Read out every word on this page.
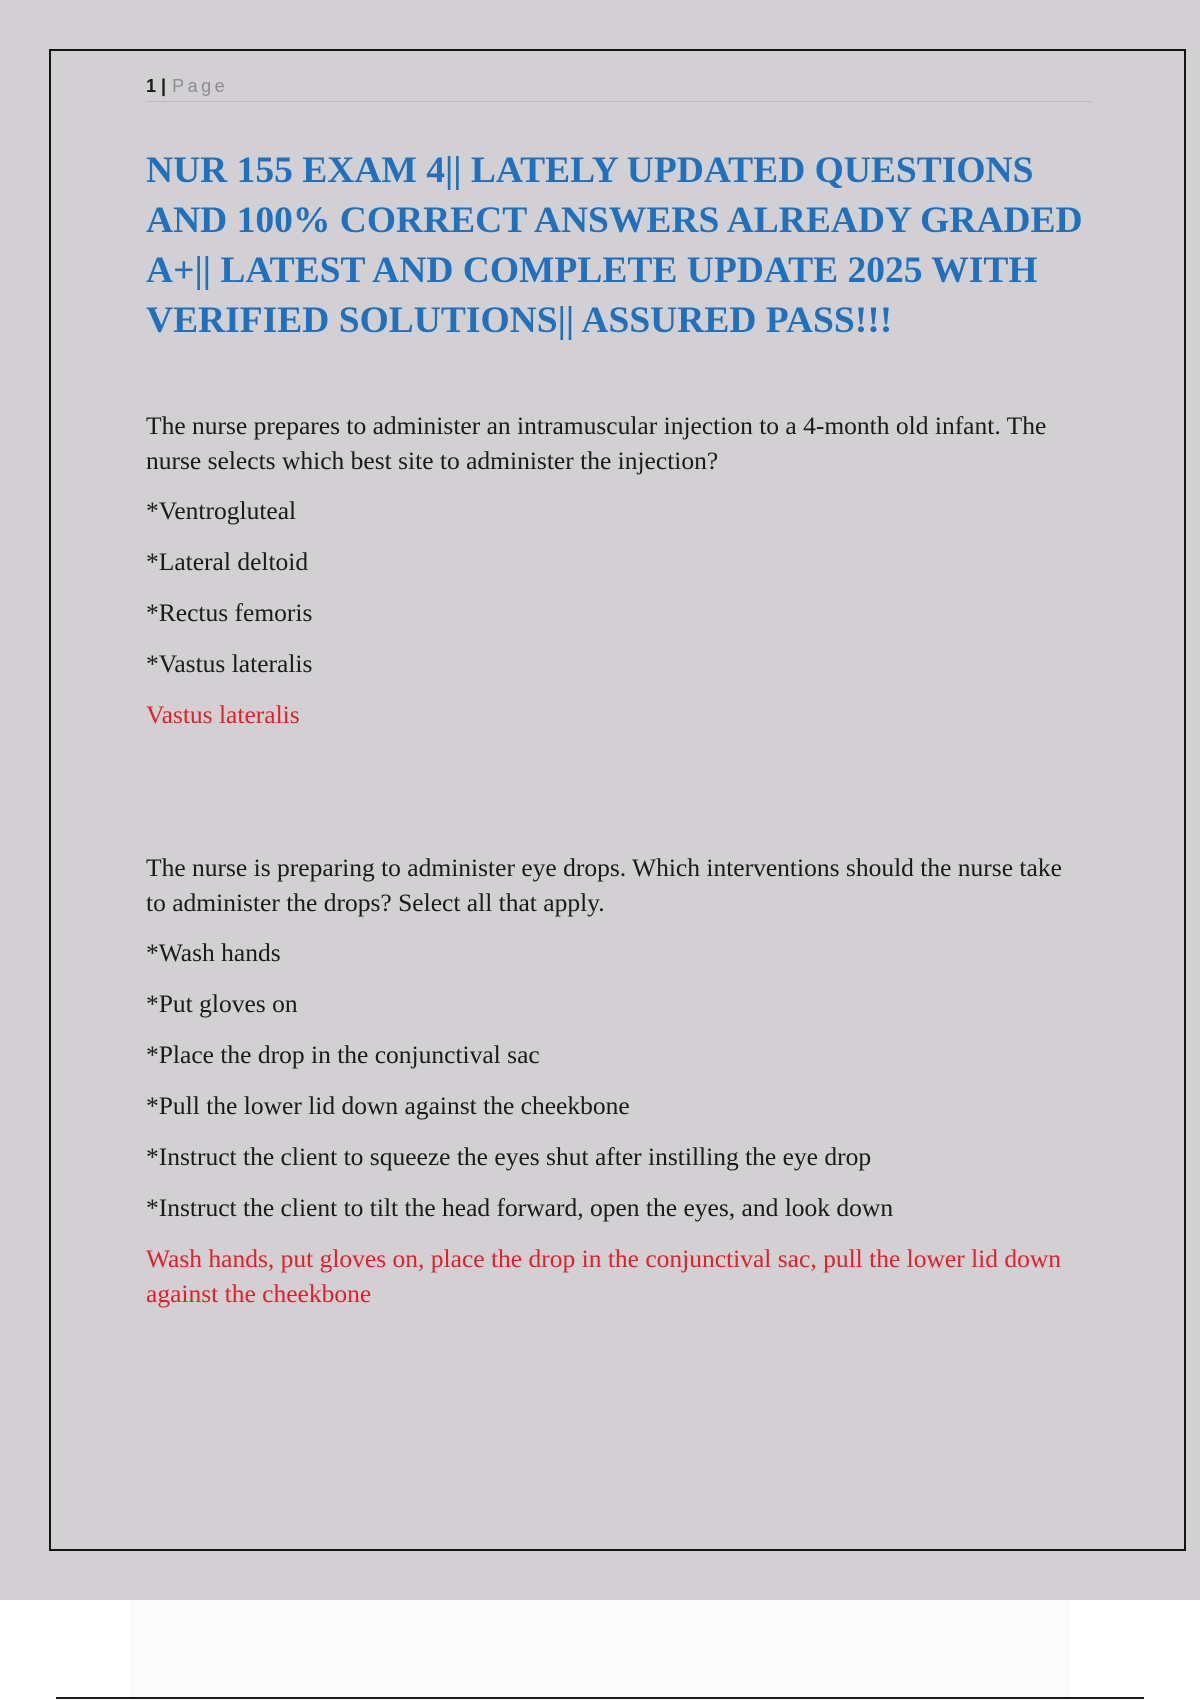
1 | Page
NUR 155 EXAM 4|| LATELY UPDATED QUESTIONS AND 100% CORRECT ANSWERS ALREADY GRADED A+|| LATEST AND COMPLETE UPDATE 2025 WITH VERIFIED SOLUTIONS|| ASSURED PASS!!!

The nurse prepares to administer an intramuscular injection to a 4-month old infant. The nurse selects which best site to administer the injection?

*Ventrogluteal

*Lateral deltoid

*Rectus femoris

*Vastus lateralis

Vastus lateralis

The nurse is preparing to administer eye drops. Which interventions should the nurse take to administer the drops? Select all that apply.

*Wash hands

*Put gloves on

*Place the drop in the conjunctival sac

*Pull the lower lid down against the cheekbone

*Instruct the client to squeeze the eyes shut after instilling the eye drop

*Instruct the client to tilt the head forward, open the eyes, and look down

Wash hands, put gloves on, place the drop in the conjunctival sac, pull the lower lid down against the cheekbone
